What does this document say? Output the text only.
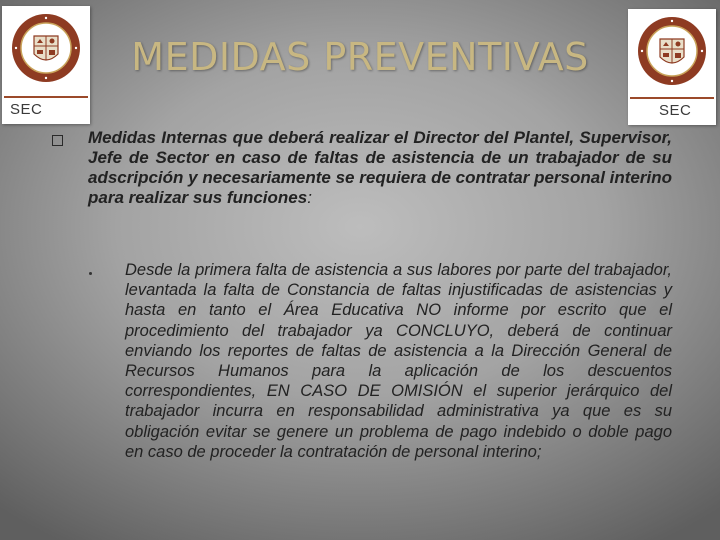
SEC	SEC
MEDIDAS PREVENTIVAS

Medidas Internas que deberá realizar el Director del Plantel, Supervisor, Jefe de Sector en caso de faltas de asistencia de un trabajador de su adscripción y necesariamente se requiera de contratar personal interino para realizar sus funciones:

Desde la primera falta de asistencia a sus labores por parte del trabajador, levantada la falta de Constancia de faltas injustificadas de asistencias y hasta en tanto el Área Educativa NO informe por escrito que el procedimiento del trabajador ya CONCLUYO, deberá de continuar enviando los reportes de faltas de asistencia a la Dirección General de Recursos Humanos para la aplicación de los descuentos correspondientes, EN CASO DE OMISIÓN el superior jerárquico del trabajador incurra en responsabilidad administrativa ya que es su obligación evitar se genere un problema de pago indebido o doble pago en caso de proceder la contratación de personal interino;
